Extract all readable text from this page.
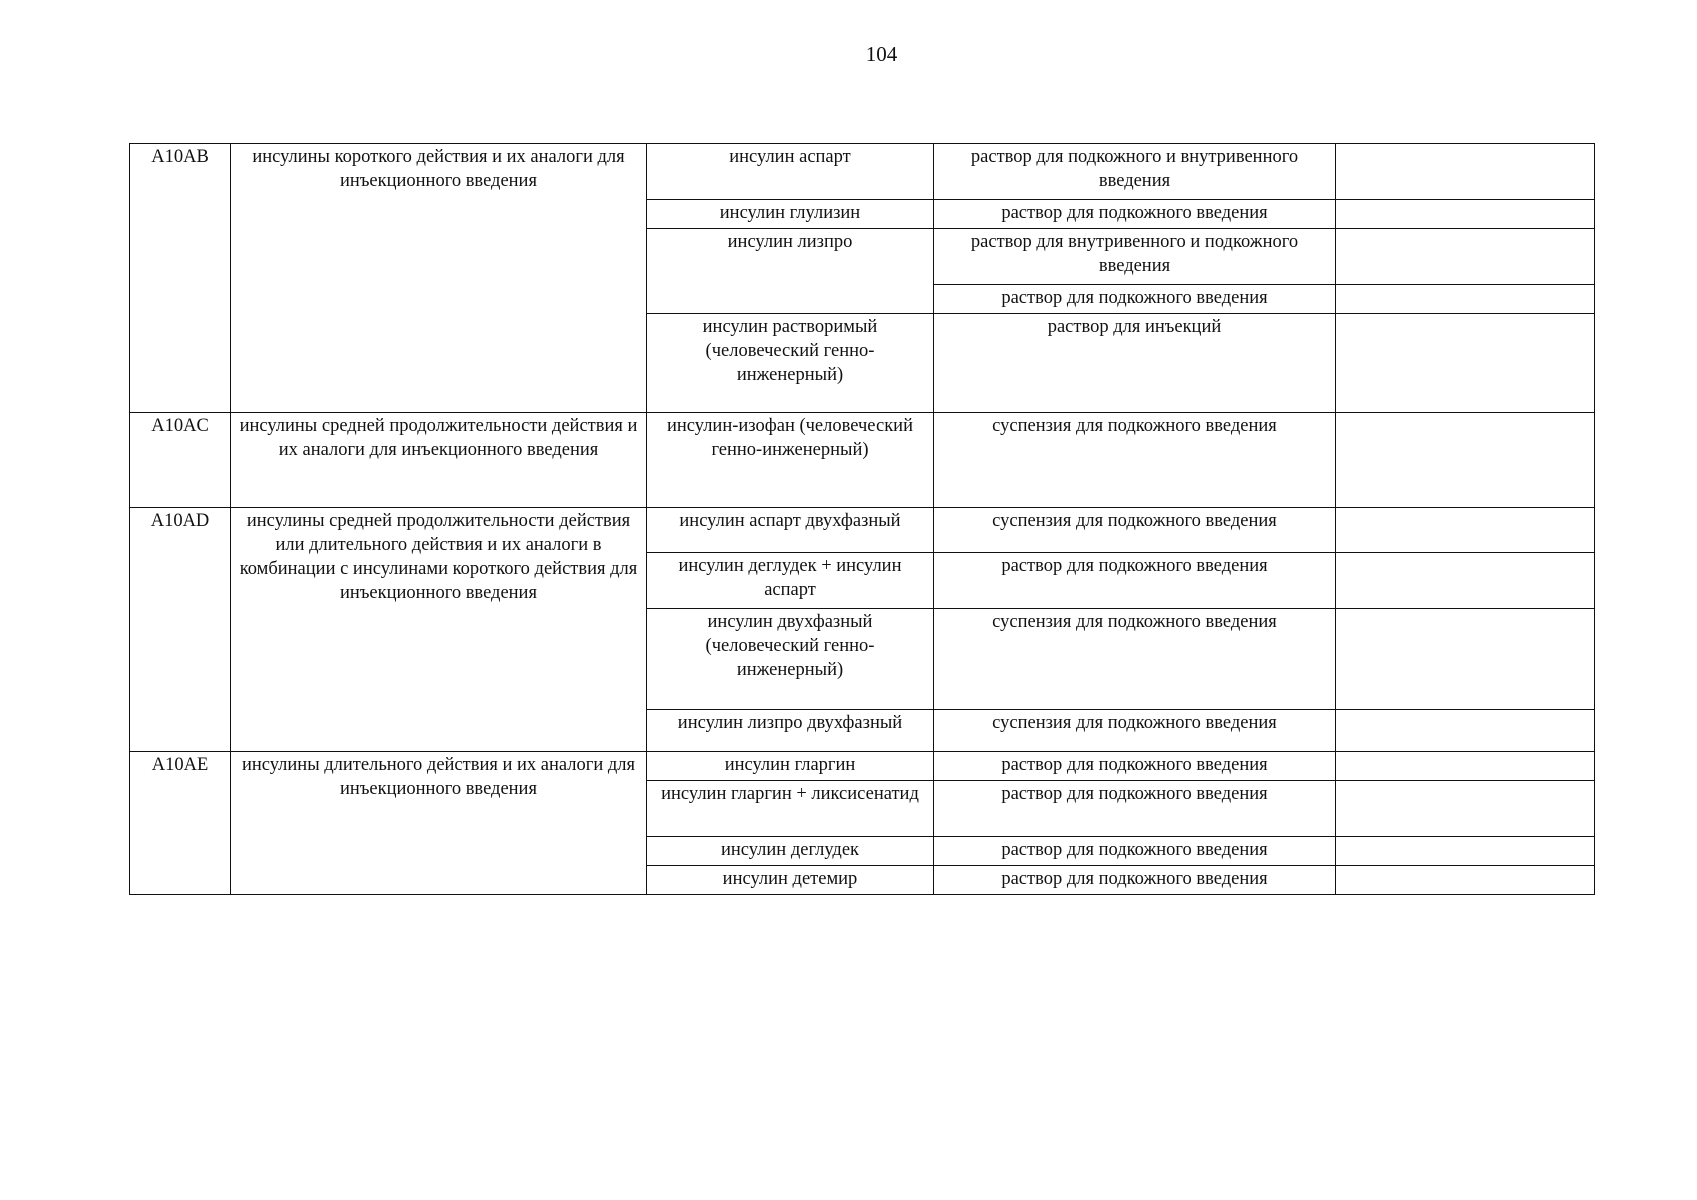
104
A10AB	инсулины короткого действия и их аналоги для инъекционного введения	инсулин аспарт	раствор для подкожного и внутривенного введения	
		инсулин глулизин	раствор для подкожного введения	
		инсулин лизпро	раствор для внутривенного и подкожного введения	
			раствор для подкожного введения	
		инсулин растворимый (человеческий генно-инженерный)	раствор для инъекций	
A10AC	инсулины средней продолжительности действия и их аналоги для инъекционного введения	инсулин-изофан (человеческий генно-инженерный)	суспензия для подкожного введения	
A10AD	инсулины средней продолжительности действия или длительного действия и их аналоги в комбинации с инсулинами короткого действия для инъекционного введения	инсулин аспарт двухфазный	суспензия для подкожного введения	
		инсулин деглудек + инсулин аспарт	раствор для подкожного введения	
		инсулин двухфазный (человеческий генно-инженерный)	суспензия для подкожного введения	
		инсулин лизпро двухфазный	суспензия для подкожного введения	
A10AE	инсулины длительного действия и их аналоги для инъекционного введения	инсулин гларгин	раствор для подкожного введения	
		инсулин гларгин + ликсисенатид	раствор для подкожного введения	
		инсулин деглудек	раствор для подкожного введения	
		инсулин детемир	раствор для подкожного введения	
